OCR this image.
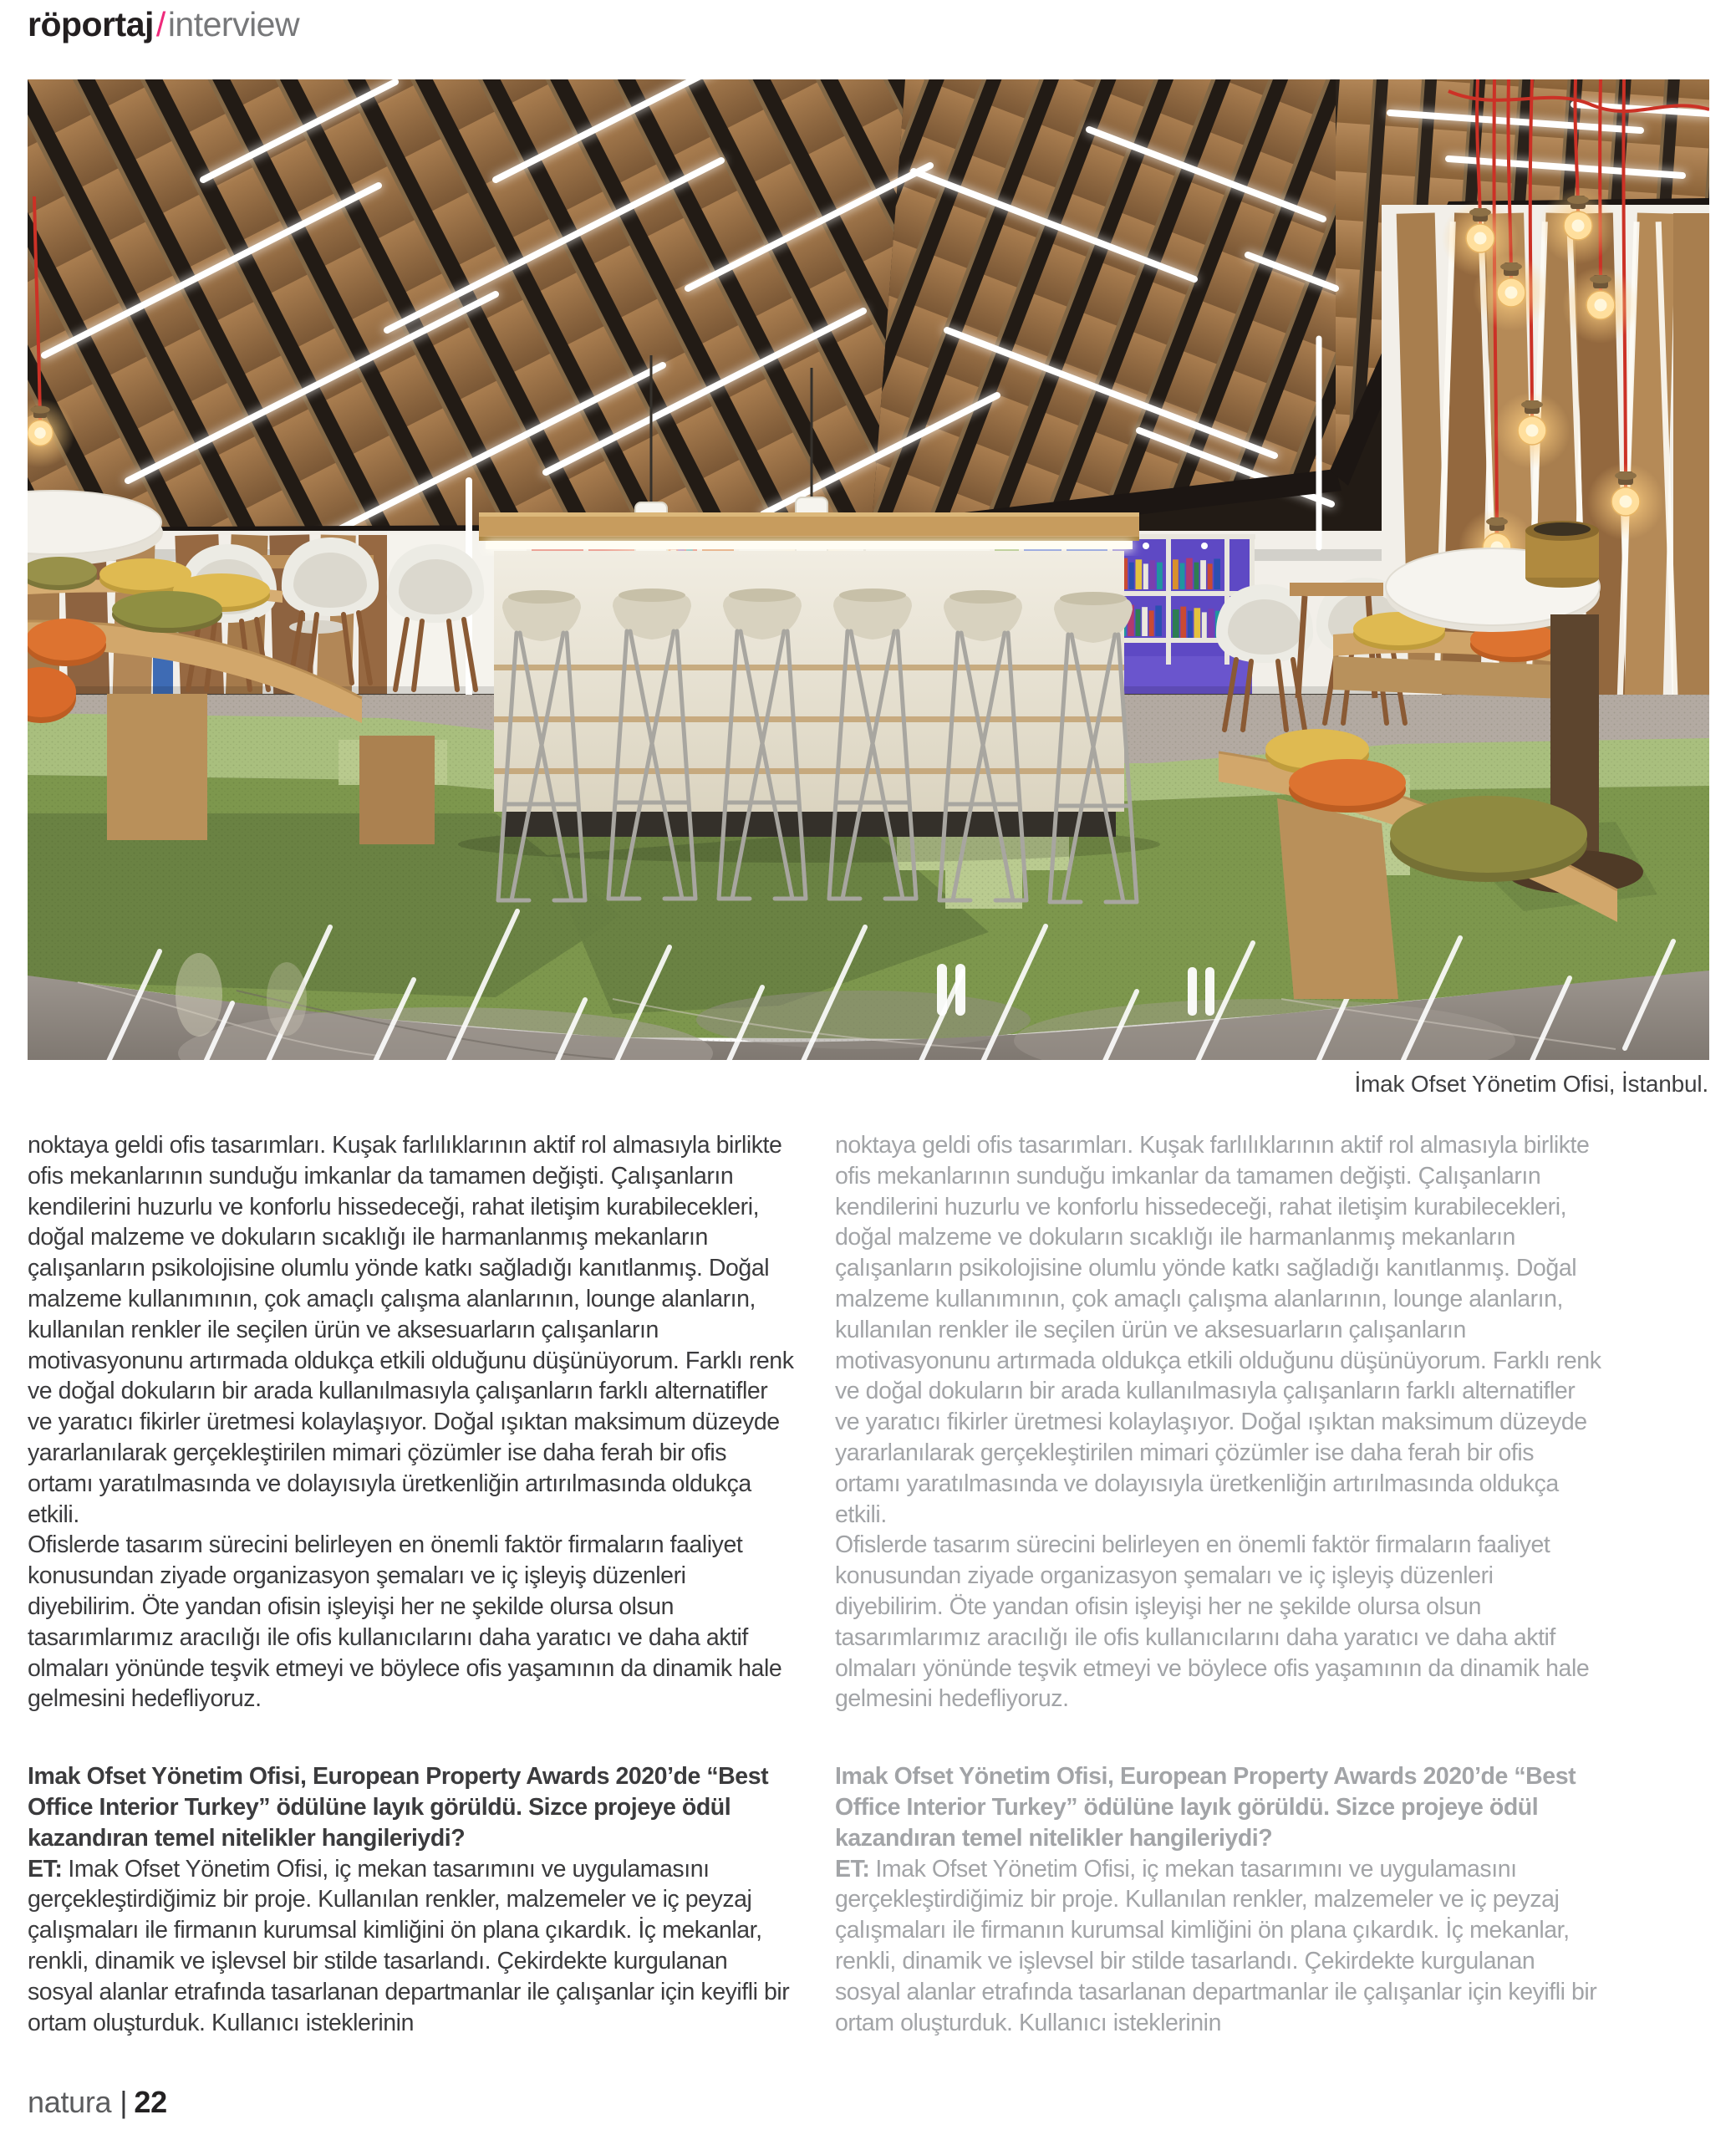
röportaj/interview
İmak Ofset Yönetim Ofisi, İstanbul.

noktaya geldi ofis tasarımları. Kuşak farlılıklarının aktif rol almasıyla birlikte ofis mekanlarının sunduğu imkanlar da tamamen değişti. Çalışanların kendilerini huzurlu ve konforlu hissedeceği, rahat iletişim kurabilecekleri, doğal malzeme ve dokuların sıcaklığı ile harmanlanmış mekanların çalışanların psikolojisine olumlu yönde katkı sağladığı kanıtlanmış. Doğal malzeme kullanımının, çok amaçlı çalışma alanlarının, lounge alanların, kullanılan renkler ile seçilen ürün ve aksesuarların çalışanların motivasyonunu artırmada oldukça etkili olduğunu düşünüyorum. Farklı renk ve doğal dokuların bir arada kullanılmasıyla çalışanların farklı alternatifler ve yaratıcı fikirler üretmesi kolaylaşıyor. Doğal ışıktan maksimum düzeyde yararlanılarak gerçekleştirilen mimari çözümler ise daha ferah bir ofis ortamı yaratılmasında ve dolayısıyla üretkenliğin artırılmasında oldukça etkili.

Ofislerde tasarım sürecini belirleyen en önemli faktör firmaların faaliyet konusundan ziyade organizasyon şemaları ve iç işleyiş düzenleri diyebilirim. Öte yandan ofisin işleyişi her ne şekilde olursa olsun tasarımlarımız aracılığı ile ofis kullanıcılarını daha yaratıcı ve daha aktif olmaları yönünde teşvik etmeyi ve böylece ofis yaşamının da dinamik hale gelmesini hedefliyoruz.

Imak Ofset Yönetim Ofisi, European Property Awards 2020’de “Best Office Interior Turkey” ödülüne layık görüldü. Sizce projeye ödül kazandıran temel nitelikler hangileriydi?

ET: Imak Ofset Yönetim Ofisi, iç mekan tasarımını ve uygulamasını gerçekleştirdiğimiz bir proje. Kullanılan renkler, malzemeler ve iç peyzaj çalışmaları ile firmanın kurumsal kimliğini ön plana çıkardık. İç mekanlar, renkli, dinamik ve işlevsel bir stilde tasarlandı. Çekirdekte kurgulanan sosyal alanlar etrafında tasarlanan departmanlar ile çalışanlar için keyifli bir ortam oluşturduk. Kullanıcı isteklerinin

noktaya geldi ofis tasarımları. Kuşak farlılıklarının aktif rol almasıyla birlikte ofis mekanlarının sunduğu imkanlar da tamamen değişti. Çalışanların kendilerini huzurlu ve konforlu hissedeceği, rahat iletişim kurabilecekleri, doğal malzeme ve dokuların sıcaklığı ile harmanlanmış mekanların çalışanların psikolojisine olumlu yönde katkı sağladığı kanıtlanmış. Doğal malzeme kullanımının, çok amaçlı çalışma alanlarının, lounge alanların, kullanılan renkler ile seçilen ürün ve aksesuarların çalışanların motivasyonunu artırmada oldukça etkili olduğunu düşünüyorum. Farklı renk ve doğal dokuların bir arada kullanılmasıyla çalışanların farklı alternatifler ve yaratıcı fikirler üretmesi kolaylaşıyor. Doğal ışıktan maksimum düzeyde yararlanılarak gerçekleştirilen mimari çözümler ise daha ferah bir ofis ortamı yaratılmasında ve dolayısıyla üretkenliğin artırılmasında oldukça etkili.

Ofislerde tasarım sürecini belirleyen en önemli faktör firmaların faaliyet konusundan ziyade organizasyon şemaları ve iç işleyiş düzenleri diyebilirim. Öte yandan ofisin işleyişi her ne şekilde olursa olsun tasarımlarımız aracılığı ile ofis kullanıcılarını daha yaratıcı ve daha aktif olmaları yönünde teşvik etmeyi ve böylece ofis yaşamının da dinamik hale gelmesini hedefliyoruz.

Imak Ofset Yönetim Ofisi, European Property Awards 2020’de “Best Office Interior Turkey” ödülüne layık görüldü. Sizce projeye ödül kazandıran temel nitelikler hangileriydi?

ET: Imak Ofset Yönetim Ofisi, iç mekan tasarımını ve uygulamasını gerçekleştirdiğimiz bir proje. Kullanılan renkler, malzemeler ve iç peyzaj çalışmaları ile firmanın kurumsal kimliğini ön plana çıkardık. İç mekanlar, renkli, dinamik ve işlevsel bir stilde tasarlandı. Çekirdekte kurgulanan sosyal alanlar etrafında tasarlanan departmanlar ile çalışanlar için keyifli bir ortam oluşturduk. Kullanıcı isteklerinin

natura | 22
